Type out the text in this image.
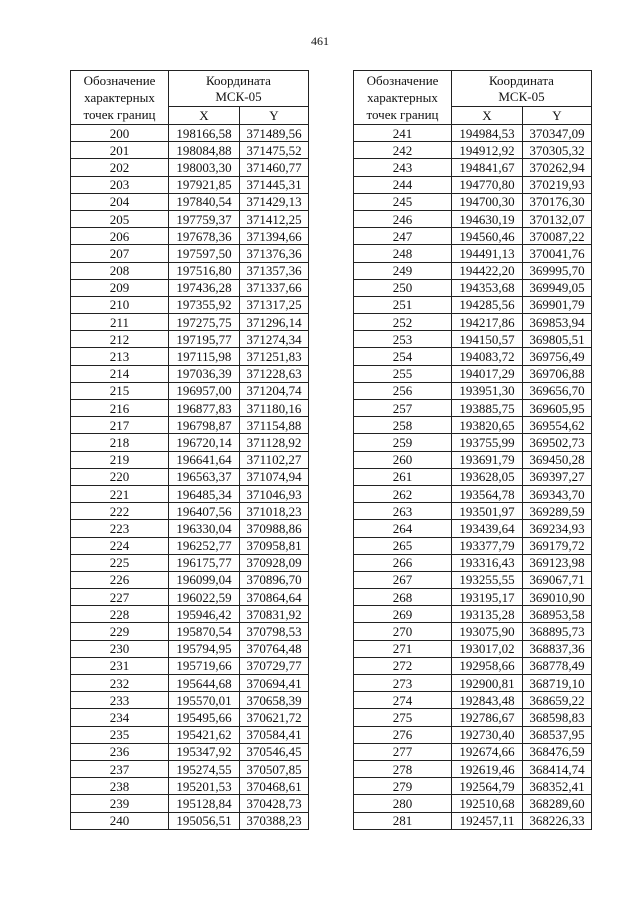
461
Обозначение
характерных
точек границ	Координата
МСК-05	
	X	Y
200	198166,58	371489,56
201	198084,88	371475,52
202	198003,30	371460,77
203	197921,85	371445,31
204	197840,54	371429,13
205	197759,37	371412,25
206	197678,36	371394,66
207	197597,50	371376,36
208	197516,80	371357,36
209	197436,28	371337,66
210	197355,92	371317,25
211	197275,75	371296,14
212	197195,77	371274,34
213	197115,98	371251,83
214	197036,39	371228,63
215	196957,00	371204,74
216	196877,83	371180,16
217	196798,87	371154,88
218	196720,14	371128,92
219	196641,64	371102,27
220	196563,37	371074,94
221	196485,34	371046,93
222	196407,56	371018,23
223	196330,04	370988,86
224	196252,77	370958,81
225	196175,77	370928,09
226	196099,04	370896,70
227	196022,59	370864,64
228	195946,42	370831,92
229	195870,54	370798,53
230	195794,95	370764,48
231	195719,66	370729,77
232	195644,68	370694,41
233	195570,01	370658,39
234	195495,66	370621,72
235	195421,62	370584,41
236	195347,92	370546,45
237	195274,55	370507,85
238	195201,53	370468,61
239	195128,84	370428,73
240	195056,51	370388,23
Обозначение
характерных
точек границ	Координата
МСК-05	
	X	Y
241	194984,53	370347,09
242	194912,92	370305,32
243	194841,67	370262,94
244	194770,80	370219,93
245	194700,30	370176,30
246	194630,19	370132,07
247	194560,46	370087,22
248	194491,13	370041,76
249	194422,20	369995,70
250	194353,68	369949,05
251	194285,56	369901,79
252	194217,86	369853,94
253	194150,57	369805,51
254	194083,72	369756,49
255	194017,29	369706,88
256	193951,30	369656,70
257	193885,75	369605,95
258	193820,65	369554,62
259	193755,99	369502,73
260	193691,79	369450,28
261	193628,05	369397,27
262	193564,78	369343,70
263	193501,97	369289,59
264	193439,64	369234,93
265	193377,79	369179,72
266	193316,43	369123,98
267	193255,55	369067,71
268	193195,17	369010,90
269	193135,28	368953,58
270	193075,90	368895,73
271	193017,02	368837,36
272	192958,66	368778,49
273	192900,81	368719,10
274	192843,48	368659,22
275	192786,67	368598,83
276	192730,40	368537,95
277	192674,66	368476,59
278	192619,46	368414,74
279	192564,79	368352,41
280	192510,68	368289,60
281	192457,11	368226,33
